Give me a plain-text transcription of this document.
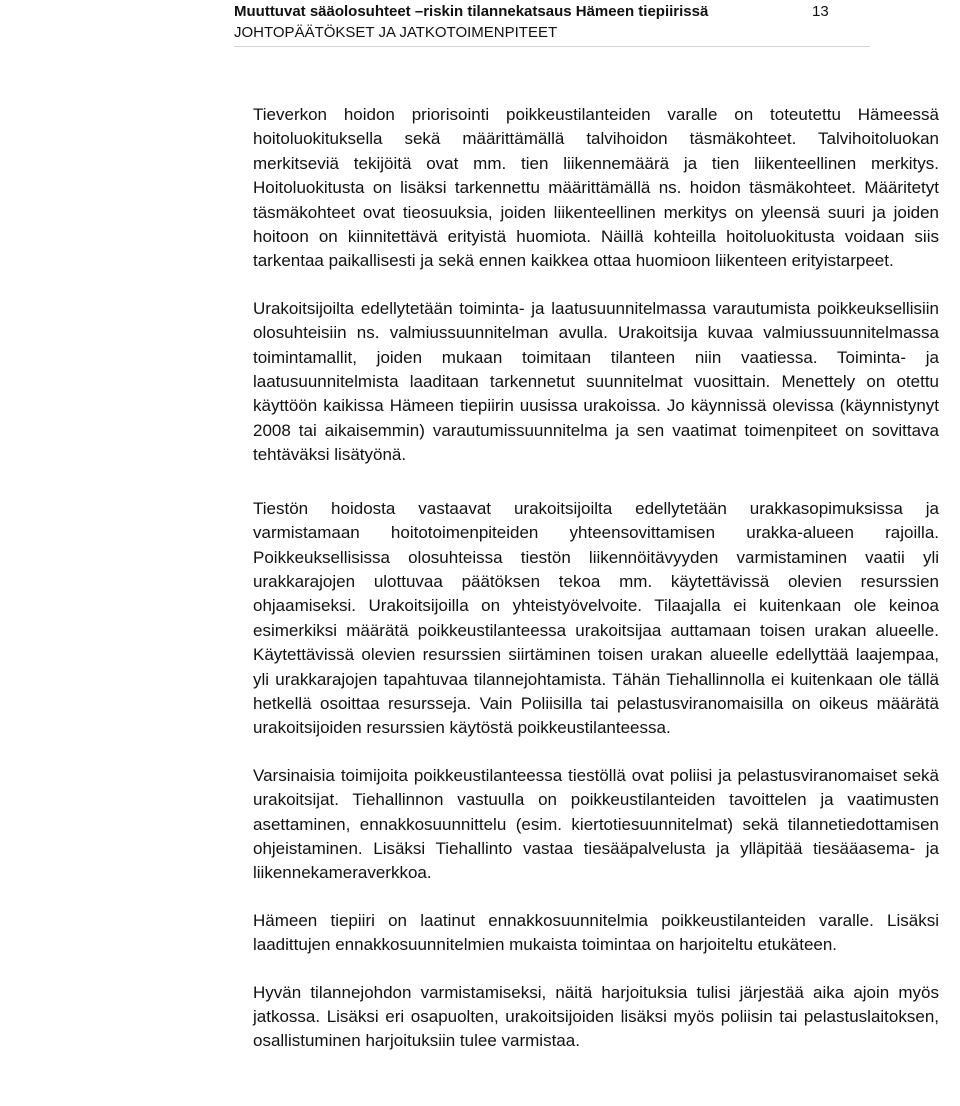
Muuttuvat sääolosuhteet –riskin tilannekatsaus Hämeen tiepiirissä
JOHTOPÄÄTÖKSET JA JATKOTOIMENPITEET
13

Tieverkon hoidon priorisointi poikkeustilanteiden varalle on toteutettu Hämeessä hoitoluokituksella sekä määrittämällä talvihoidon täsmäkohteet. Talvihoitoluokan merkitseviä tekijöitä ovat mm. tien liikennemäärä ja tien liikenteellinen merkitys. Hoitoluokitusta on lisäksi tarkennettu määrittämällä ns. hoidon täsmäkohteet. Määritetyt täsmäkohteet ovat tieosuuksia, joiden liikenteellinen merkitys on yleensä suuri ja joiden hoitoon on kiinnitettävä erityistä huomiota. Näillä kohteilla hoitoluokitusta voidaan siis tarkentaa paikallisesti ja sekä ennen kaikkea ottaa huomioon liikenteen erityistarpeet.

Urakoitsijoilta edellytetään toiminta- ja laatusuunnitelmassa varautumista poikkeuksellisiin olosuhteisiin ns. valmiussuunnitelman avulla. Urakoitsija kuvaa valmiussuunnitelmassa toimintamallit, joiden mukaan toimitaan tilanteen niin vaatiessa. Toiminta- ja laatusuunnitelmista laaditaan tarkennetut suunnitelmat vuosittain. Menettely on otettu käyttöön kaikissa Hämeen tiepiirin uusissa urakoissa. Jo käynnissä olevissa (käynnistynyt 2008 tai aikaisemmin) varautumissuunnitelma ja sen vaatimat toimenpiteet on sovittava tehtäväksi lisätyönä.

Tiestön hoidosta vastaavat urakoitsijoilta edellytetään urakkasopimuksissa ja varmistamaan hoitotoimenpiteiden yhteensovittamisen urakka-alueen rajoilla. Poikkeuksellisissa olosuhteissa tiestön liikennöitävyyden varmistaminen vaatii yli urakkarajojen ulottuvaa päätöksen tekoa mm. käytettävissä olevien resurssien ohjaamiseksi. Urakoitsijoilla on yhteistyövelvoite. Tilaajalla ei kuitenkaan ole keinoa esimerkiksi määrätä poikkeustilanteessa urakoitsijaa auttamaan toisen urakan alueelle. Käytettävissä olevien resurssien siirtäminen toisen urakan alueelle edellyttää laajempaa, yli urakkarajojen tapahtuvaa tilannejohtamista. Tähän Tiehallinnolla ei kuitenkaan ole tällä hetkellä osoittaa resursseja. Vain Poliisilla tai pelastusviranomaisilla on oikeus määrätä urakoitsijoiden resurssien käytöstä poikkeustilanteessa.

Varsinaisia toimijoita poikkeustilanteessa tiestöllä ovat poliisi ja pelastusviranomaiset sekä urakoitsijat. Tiehallinnon vastuulla on poikkeustilanteiden tavoittelen ja vaatimusten asettaminen, ennakkosuunnittelu (esim. kiertotiesuunnitelmat) sekä tilannetiedottamisen ohjeistaminen. Lisäksi Tiehallinto vastaa tiesääpalvelusta ja ylläpitää tiesääasema- ja liikennekameraverkkoa.

Hämeen tiepiiri on laatinut ennakkosuunnitelmia poikkeustilanteiden varalle. Lisäksi laadittujen ennakkosuunnitelmien mukaista toimintaa on harjoiteltu etukäteen.

Hyvän tilannejohdon varmistamiseksi, näitä harjoituksia tulisi järjestää aika ajoin myös jatkossa. Lisäksi eri osapuolten, urakoitsijoiden lisäksi myös poliisin tai pelastuslaitoksen, osallistuminen harjoituksiin tulee varmistaa.
